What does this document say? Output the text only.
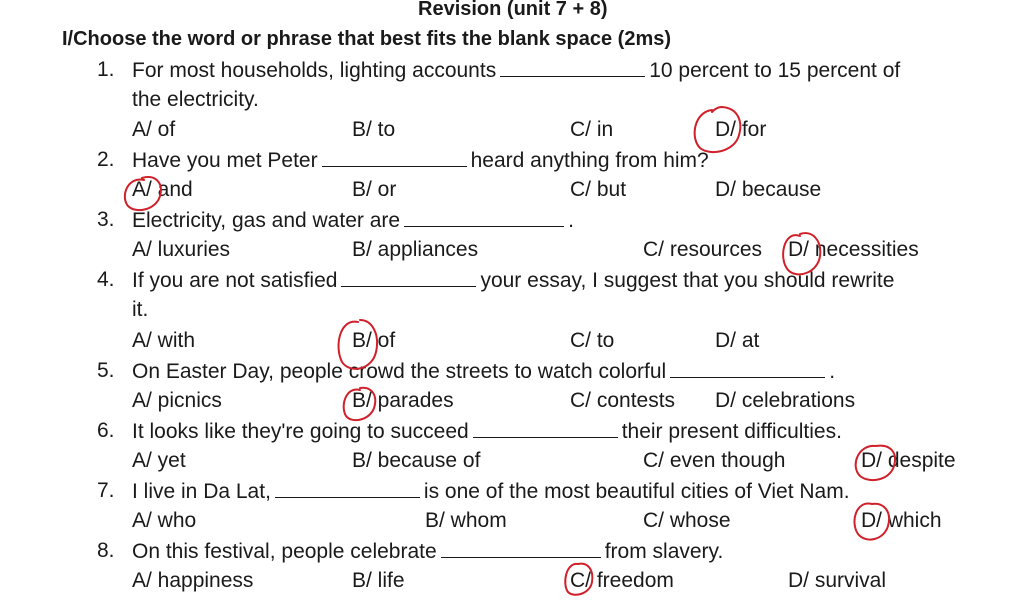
Revision (unit 7 + 8)
I/Choose the word or phrase that best fits the blank space (2ms)
1. For most households, lighting accounts	10 percent to 15 percent of
the electricity.
A/ of	B/ to	C/ in	D/ for
2. Have you met Peter	heard anything from him?
A/ and	B/ or	C/ but	D/ because
3. Electricity, gas and water are	.
A/ luxuries	B/ appliances	C/ resources D/ necessities
4. If you are not satisfied	your essay, I suggest that you should rewrite
it.
A/ with	B/ of	C/ to	D/ at
5. On Easter Day, people crowd the streets to watch colorful	.
A/ picnics	B/ parades	C/ contests D/ celebrations
6. It looks like they're going to succeed	their present difficulties.
A/ yet	B/ because of	C/ even though	D/ despite
7. I live in Da Lat,	is one of the most beautiful cities of Viet Nam.
A/ who	B/ whom	C/ whose	D/ which
8. On this festival, people celebrate	from slavery.
A/ happiness	B/ life	C/ freedom	D/ survival
